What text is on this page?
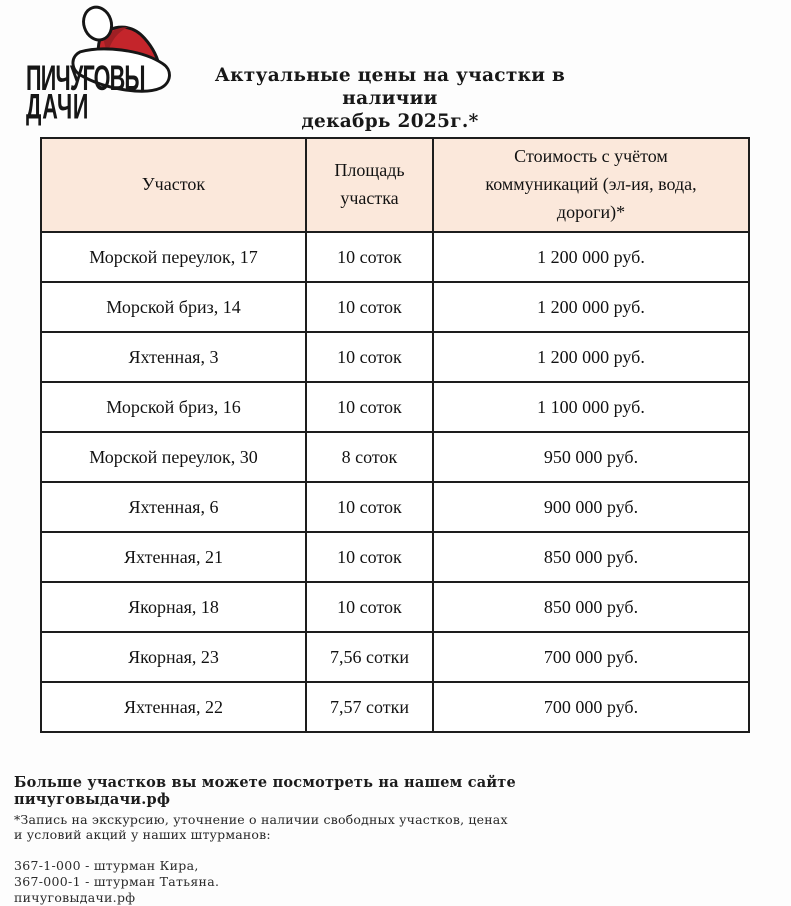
ПИЧУГОВЫ
ДАЧИ
Актуальные цены на участки в наличии
декабрь 2025г.*
Участок	Площадь участка	Стоимость с учётом коммуникаций (эл-ия, вода, дороги)*
Морской переулок, 17	10 соток	1 200 000 руб.
Морской бриз, 14	10 соток	1 200 000 руб.
Яхтенная, 3	10 соток	1 200 000 руб.
Морской бриз, 16	10 соток	1 100 000 руб.
Морской переулок, 30	8 соток	950 000 руб.
Яхтенная, 6	10 соток	900 000 руб.
Яхтенная, 21	10 соток	850 000 руб.
Якорная, 18	10 соток	850 000 руб.
Якорная, 23	7,56 сотки	700 000 руб.
Яхтенная, 22	7,57 сотки	700 000 руб.
Больше участков вы можете посмотреть на нашем сайте
пичуговыдачи.рф
*Запись на экскурсию, уточнение о наличии свободных участков, ценах
и условий акций у наших штурманов:
367-1-000 - штурман Кира,
367-000-1 - штурман Татьяна.
пичуговыдачи.рф
